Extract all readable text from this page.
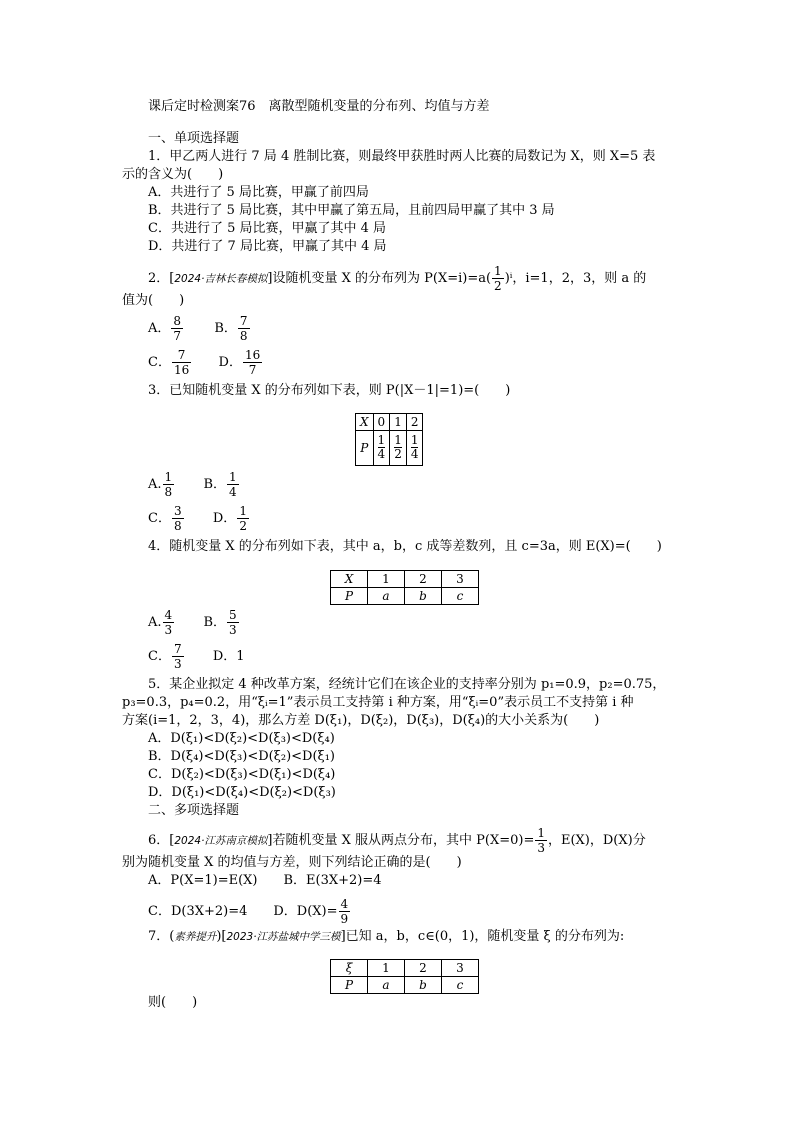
课后定时检测案76　离散型随机变量的分布列、均值与方差
一、单项选择题
1．甲乙两人进行 7 局 4 胜制比赛，则最终甲获胜时两人比赛的局数记为 X，则 X=5 表
示的含义为(　　)
A．共进行了 5 局比赛，甲赢了前四局
B．共进行了 5 局比赛，其中甲赢了第五局，且前四局甲赢了其中 3 局
C．共进行了 5 局比赛，甲赢了其中 4 局
D．共进行了 7 局比赛，甲赢了其中 4 局
2．[2024·吉林长春模拟]设随机变量 X 的分布列为 $P(X=i)=a( \frac{1}{2} )^i$，i=1，2，3，则 a 的
值为(　　)
A． $\frac{8}{7}$ B． $\frac{7}{8}$
C． $\frac{7}{16}$ D． $\frac{16}{7}$
3．已知随机变量 X 的分布列如下表，则 P(|X－1|=1)=(　　)
X	0	1	2
P	$\frac{1}{4}$	$\frac{1}{2}$	$\frac{1}{4}$
A. $\frac{1}{8}$ B． $\frac{1}{4}$
C． $\frac{3}{8}$ D． $\frac{1}{2}$
4．随机变量 X 的分布列如下表，其中 a，b，c 成等差数列，且 c=3a，则 E(X)=(　　)
X	1	2	3
P	a	b	c
A. $\frac{4}{3}$ B． $\frac{5}{3}$
C． $\frac{7}{3}$ D．1
5．某企业拟定 4 种改革方案，经统计它们在该企业的支持率分别为 p₁=0.9，p₂=0.75，
p₃=0.3，p₄=0.2，用“ξᵢ=1”表示员工支持第 i 种方案，用“ξᵢ=0”表示员工不支持第 i 种
方案(i=1，2，3，4)，那么方差 D(ξ₁)，D(ξ₂)，D(ξ₃)，D(ξ₄)的大小关系为(　　)
A．D(ξ₁)<D(ξ₂)<D(ξ₃)<D(ξ₄)
B．D(ξ₄)<D(ξ₃)<D(ξ₂)<D(ξ₁)
C．D(ξ₂)<D(ξ₃)<D(ξ₁)<D(ξ₄)
D．D(ξ₁)<D(ξ₄)<D(ξ₂)<D(ξ₃)
二、多项选择题
6．[2024·江苏南京模拟]若随机变量 X 服从两点分布，其中 $P(X=0)= \frac{1}{3}$ ，E(X)，D(X)分
别为随机变量 X 的均值与方差，则下列结论正确的是(　　)
A．P(X=1)=E(X)　　B．E(3X+2)=4
C．D(3X+2)=4　　D．$D(X)= \frac{4}{9}$
7．(素养提升)[2023·江苏盐城中学三模]已知 a，b，c∈(0，1)，随机变量 ξ 的分布列为:
ξ	1	2	3
P	a	b	c
则(　　)
